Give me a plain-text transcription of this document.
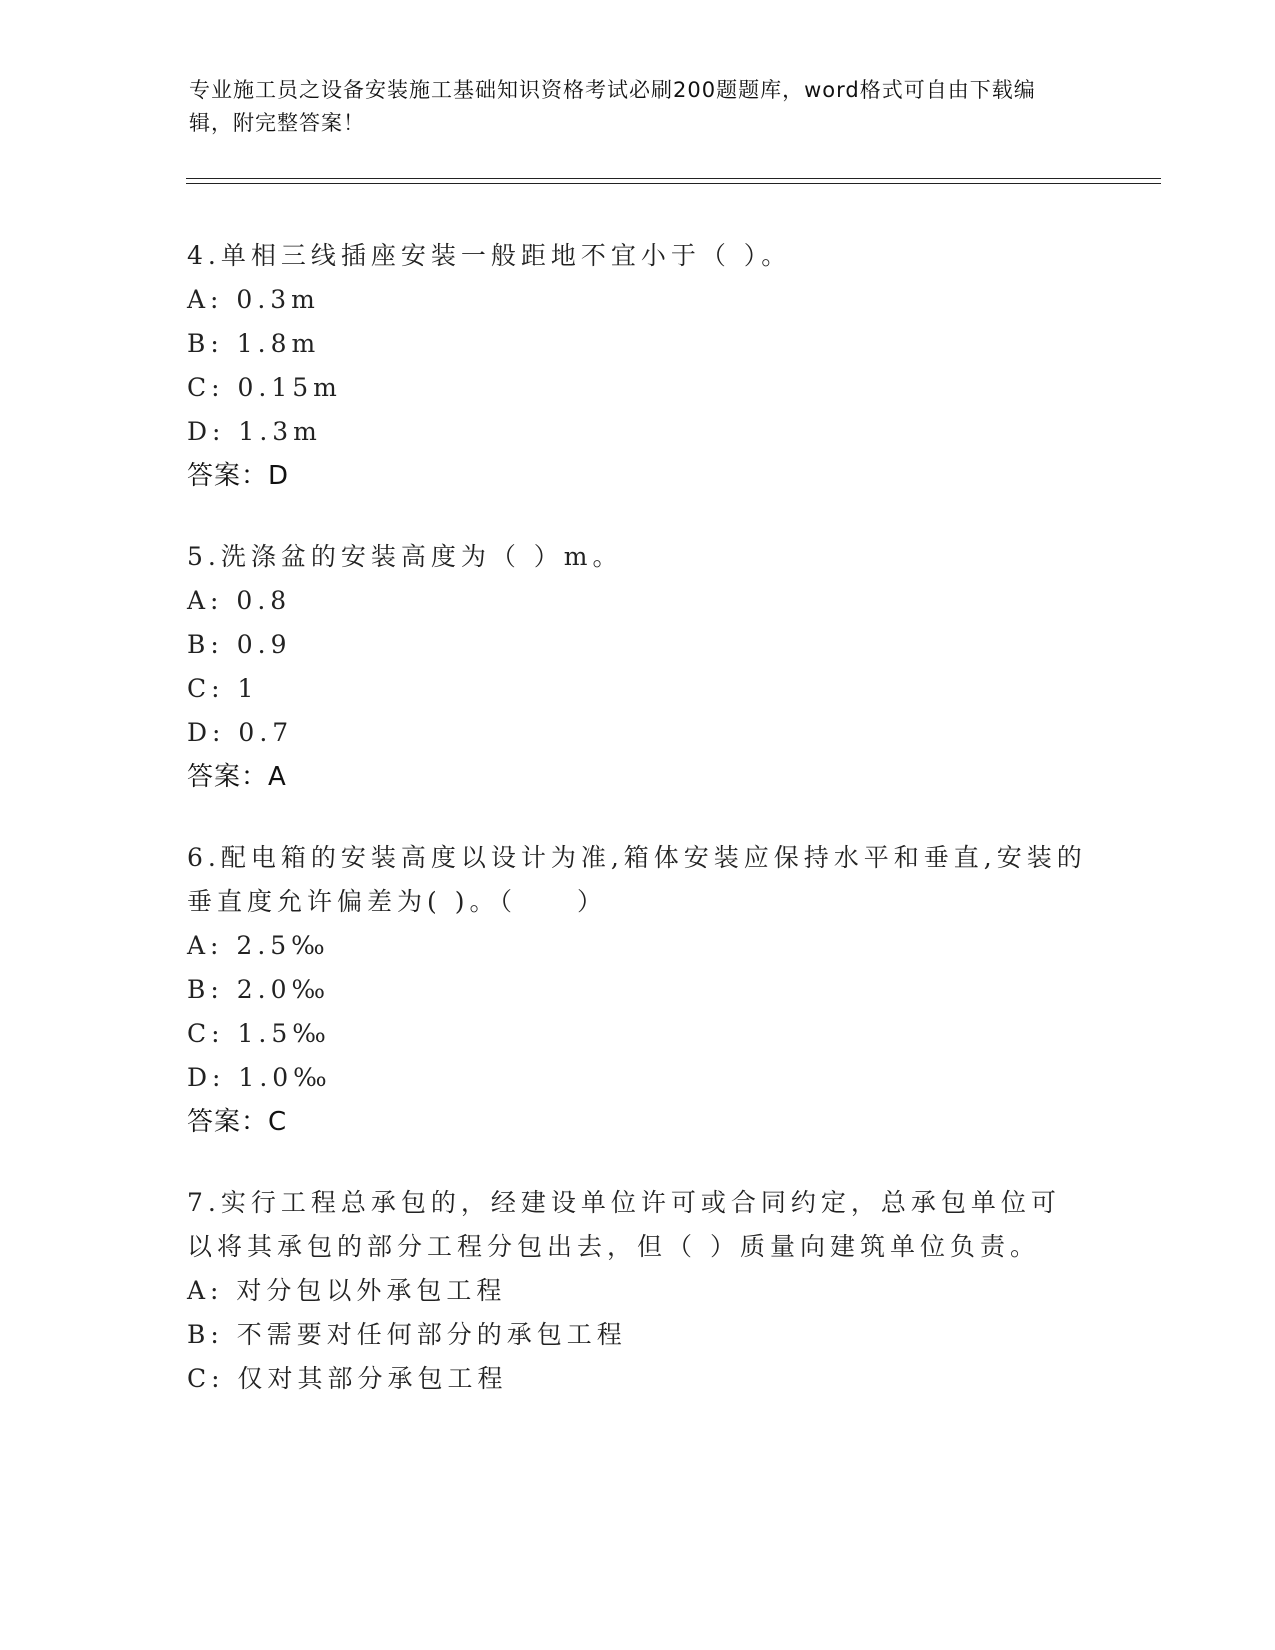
专业施工员之设备安装施工基础知识资格考试必刷200题题库，word格式可自由下载编辑，附完整答案！

4.单相三线插座安装一般距地不宜小于（ ）。

A: 0.3m

B: 1.8m

C: 0.15m

D: 1.3m

答案：D

5.洗涤盆的安装高度为（ ）m。

A: 0.8

B: 0.9

C: 1

D: 0.7

答案：A

6.配电箱的安装高度以设计为准,箱体安装应保持水平和垂直,安装的垂直度允许偏差为( )。（　　）

A: 2.5‰

B: 2.0‰

C: 1.5‰

D: 1.0‰

答案：C

7.实行工程总承包的，经建设单位许可或合同约定，总承包单位可以将其承包的部分工程分包出去，但（ ）质量向建筑单位负责。

A: 对分包以外承包工程

B: 不需要对任何部分的承包工程

C: 仅对其部分承包工程
